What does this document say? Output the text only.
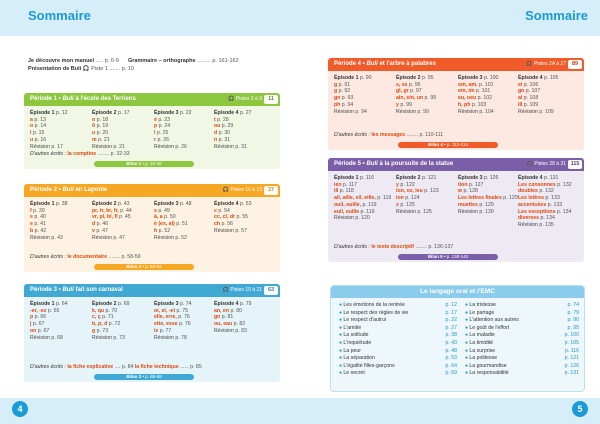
Sommaire	Sommaire
Je découvre mon manuel ..... p. 6-9
Présentation de Buli 🎧 Piste 1 ....... p. 10
Grammaire – orthographe ......... p. 161-162
Période 1 • Buli à l'école des Terriens	🎧 Pistes 2 à 9	11
Épisode 1 p. 12
a p. 13
o p. 14
i p. 15
u p. 16
Révision p. 17
Épisode 2 p. 17
o p. 18
ô p. 19
u p. 20
m p. 21
Révision p. 21
Épisode 3 p. 22
é p. 23
p p. 24
l p. 25
r p. 26
Révision p. 26
Épisode 4 p. 27
t p. 28
ou p. 29
d p. 30
n p. 31
Révision p. 31
D'autres écrits : la comptine ........ p. 32-33
Bilan 1 • p. 34-36
Période 2 • Buli en Laponie	🎧 Pistes 10 à 13	37
Épisode 1 p. 38
f p. 39
s p. 40
e p. 41
b p. 42
Révision p. 43
Épisode 2 p. 43
pr, tr, br, fr, p. 44
vr, pl, bl, fl p. 45
d p. 46
v p. 47
Révision p. 47
Épisode 3 p. 48
s p. 49
â, a p. 50
è (ex, ai) p. 51
h p. 52
Révision p. 52
Épisode 4 p. 53
c p. 54
cc, cl, dr p. 55
ch p. 56
Révision p. 57
D'autres écrits : le documentaire ........ p. 58-59
Bilan 2 • p. 60-62
Période 3 • Buli fait son carnaval	🎧 Pistes 10 à 21	63
Épisode 1 p. 64
-er, -ez p. 65
p p. 66
j p. 67
on p. 67
Révision p. 68
Épisode 2 p. 69
k, qu p. 70
c, ç p. 71
b, p, d p. 72
g p. 73
Révision p. 73
Épisode 3 p. 74
oi, ei, -et p. 75
elle, erre, p. 76
ette, esse p. 76
ie p. 77
Révision p. 78
Épisode 4 p. 79
an, en p. 80
gn p. 81
ou, eau p. 82
Révision p. 83
D'autres écrits : la fiche explicative .... p. 84 la fiche technique ...... p. 85
Bilan 3 • p. 86-88
Période 4 • Buli et l'arbre à palabres	🎧 Pistes 2A à 27	89
Épisode 1 p. 90
g p. 91
g p. 92
gn p. 93
ph p. 94
Révision p. 94
Épisode 2 p. 95
s, ss p. 96
gl, gr p. 97
ain, ein, un p. 98
y p. 99
Révision p. 99
Épisode 3 p. 100
om, am, p. 101
em, im p. 101
eu, oeu p. 102
h, ph p. 103
Révision p. 104
Épisode 4 p. 105
ei p. 106
gn p. 107
ai p. 108
ill p. 109
Révision p. 109
D'autres écrits : les messages ........ p. 110-111
Bilan 4 • p. 112-114
Période 5 • Buli à la poursuite de la statue	🎧 Pistes 28 à 31 115
Épisode 1 p. 116
ien p. 117
ill p. 118
ail, aille, eil, eille, p. 119
ouil, ouille, p. 119
euil, euille p. 119
Révision p. 120
Épisode 2 p. 121
y p. 122
ion, oz, ieu p. 123
ion p. 124
x p. 125
Révision p. 125
Épisode 3 p. 126
tion p. 127
w p. 128
Les lettres finales p. 129
muettes p. 129
Révision p. 130
Épisode 4 p. 131
Les consonnes p. 132
doubles p. 132
Les lettres p. 133
accentuées p. 133
Les exceptions p. 134
diverses p. 134
Révision p. 135
D'autres écrits : le texte descriptif ........ p. 136-137
Bilan 5 • p. 138-140
Le langage oral et l'EMC
● Les émotions de la rentrée	p. 12
● Le respect des règles de vie	p. 17
● Le respect d'autrui	p. 22
● L'amitié	p. 27
● La solitude	p. 38
● L'inquiétude	p. 43
● La peur	p. 48
● La séparation	p. 53
● L'égalité filles-garçons	p. 64
● Le secret	p. 69
● La tristesse	p. 74
● Le partage	p. 79
● L'attention aux autres	p. 90
● Le goût de l'effort	p. 95
● La maladie	p. 100
● La timidité	p. 105
● La surprise	p. 116
● La politesse	p. 121
● La gourmandise	p. 126
● La responsabilité	p. 131
4	5
